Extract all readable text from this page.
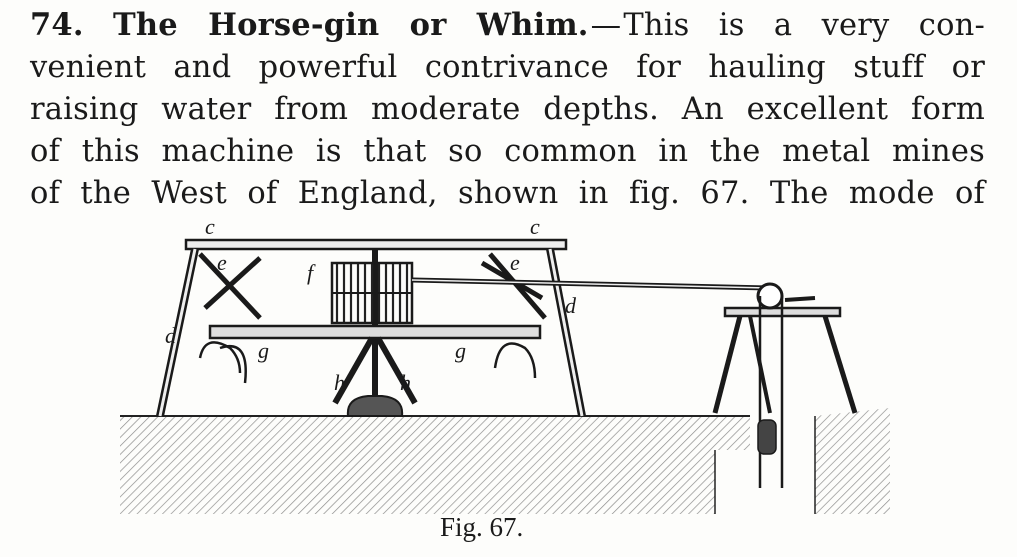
74. The Horse-gin or Whim.—This is a very con-
venient and powerful contrivance for hauling stuff or
raising water from moderate depths. An excellent form
of this machine is that so common in the metal mines
of the West of England, shown in fig. 67. The mode of
c	c
e	e
f
d
d
g	g
h	h
Fig. 67.
